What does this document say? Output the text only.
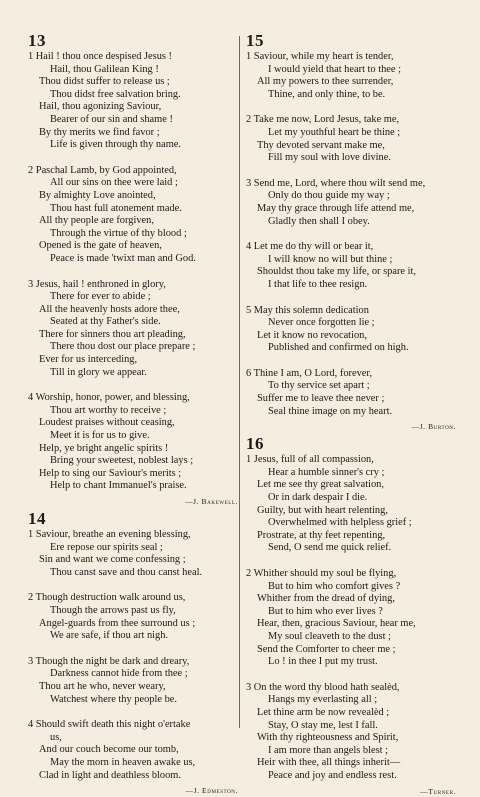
13
1 Hail ! thou once despised Jesus !
Hail, thou Galilean King !
Thou didst suffer to release us ;
Thou didst free salvation bring.
Hail, thou agonizing Saviour,
Bearer of our sin and shame !
By thy merits we find favor ;
Life is given through thy name.
2 Paschal Lamb, by God appointed,
All our sins on thee were laid ;
By almighty Love anointed,
Thou hast full atonement made.
All thy people are forgiven,
Through the virtue of thy blood ;
Opened is the gate of heaven,
Peace is made 'twixt man and God.
3 Jesus, hail ! enthroned in glory,
There for ever to abide ;
All the heavenly hosts adore thee,
Seated at thy Father's side.
There for sinners thou art pleading,
There thou dost our place prepare ;
Ever for us interceding,
Till in glory we appear.
4 Worship, honor, power, and blessing,
Thou art worthy to receive ;
Loudest praises without ceasing,
Meet it is for us to give.
Help, ye bright angelic spirits !
Bring your sweetest, noblest lays ;
Help to sing our Saviour's merits ;
Help to chant Immanuel's praise.
—J. Bakewell.
14
1 Saviour, breathe an evening blessing,
Ere repose our spirits seal ;
Sin and want we come confessing ;
Thou canst save and thou canst heal.
2 Though destruction walk around us,
Though the arrows past us fly,
Angel-guards from thee surround us ;
We are safe, if thou art nigh.
3 Though the night be dark and dreary,
Darkness cannot hide from thee ;
Thou art he who, never weary,
Watchest where thy people be.
4 Should swift death this night o'ertake
us,
And our couch become our tomb,
May the morn in heaven awake us,
Clad in light and deathless bloom.
—J. Edmeston.
15
1 Saviour, while my heart is tender,
I would yield that heart to thee ;
All my powers to thee surrender,
Thine, and only thine, to be.
2 Take me now, Lord Jesus, take me,
Let my youthful heart be thine ;
Thy devoted servant make me,
Fill my soul with love divine.
3 Send me, Lord, where thou wilt send me,
Only do thou guide my way ;
May thy grace through life attend me,
Gladly then shall I obey.
4 Let me do thy will or bear it,
I will know no will but thine ;
Shouldst thou take my life, or spare it,
I that life to thee resign.
5 May this solemn dedication
Never once forgotten lie ;
Let it know no revocation,
Published and confirmed on high.
6 Thine I am, O Lord, forever,
To thy service set apart ;
Suffer me to leave thee never ;
Seal thine image on my heart.
—J. Burton.
16
1 Jesus, full of all compassion,
Hear a humble sinner's cry ;
Let me see thy great salvation,
Or in dark despair I die.
Guilty, but with heart relenting,
Overwhelmed with helpless grief ;
Prostrate, at thy feet repenting,
Send, O send me quick relief.
2 Whither should my soul be flying,
But to him who comfort gives ?
Whither from the dread of dying,
But to him who ever lives ?
Hear, then, gracious Saviour, hear me,
My soul cleaveth to the dust ;
Send the Comforter to cheer me ;
Lo ! in thee I put my trust.
3 On the word thy blood hath sealèd,
Hangs my everlasting all ;
Let thine arm be now revealèd ;
Stay, O stay me, lest I fall.
With thy righteousness and Spirit,
I am more than angels blest ;
Heir with thee, all things inherit—
Peace and joy and endless rest.
—Turner.
